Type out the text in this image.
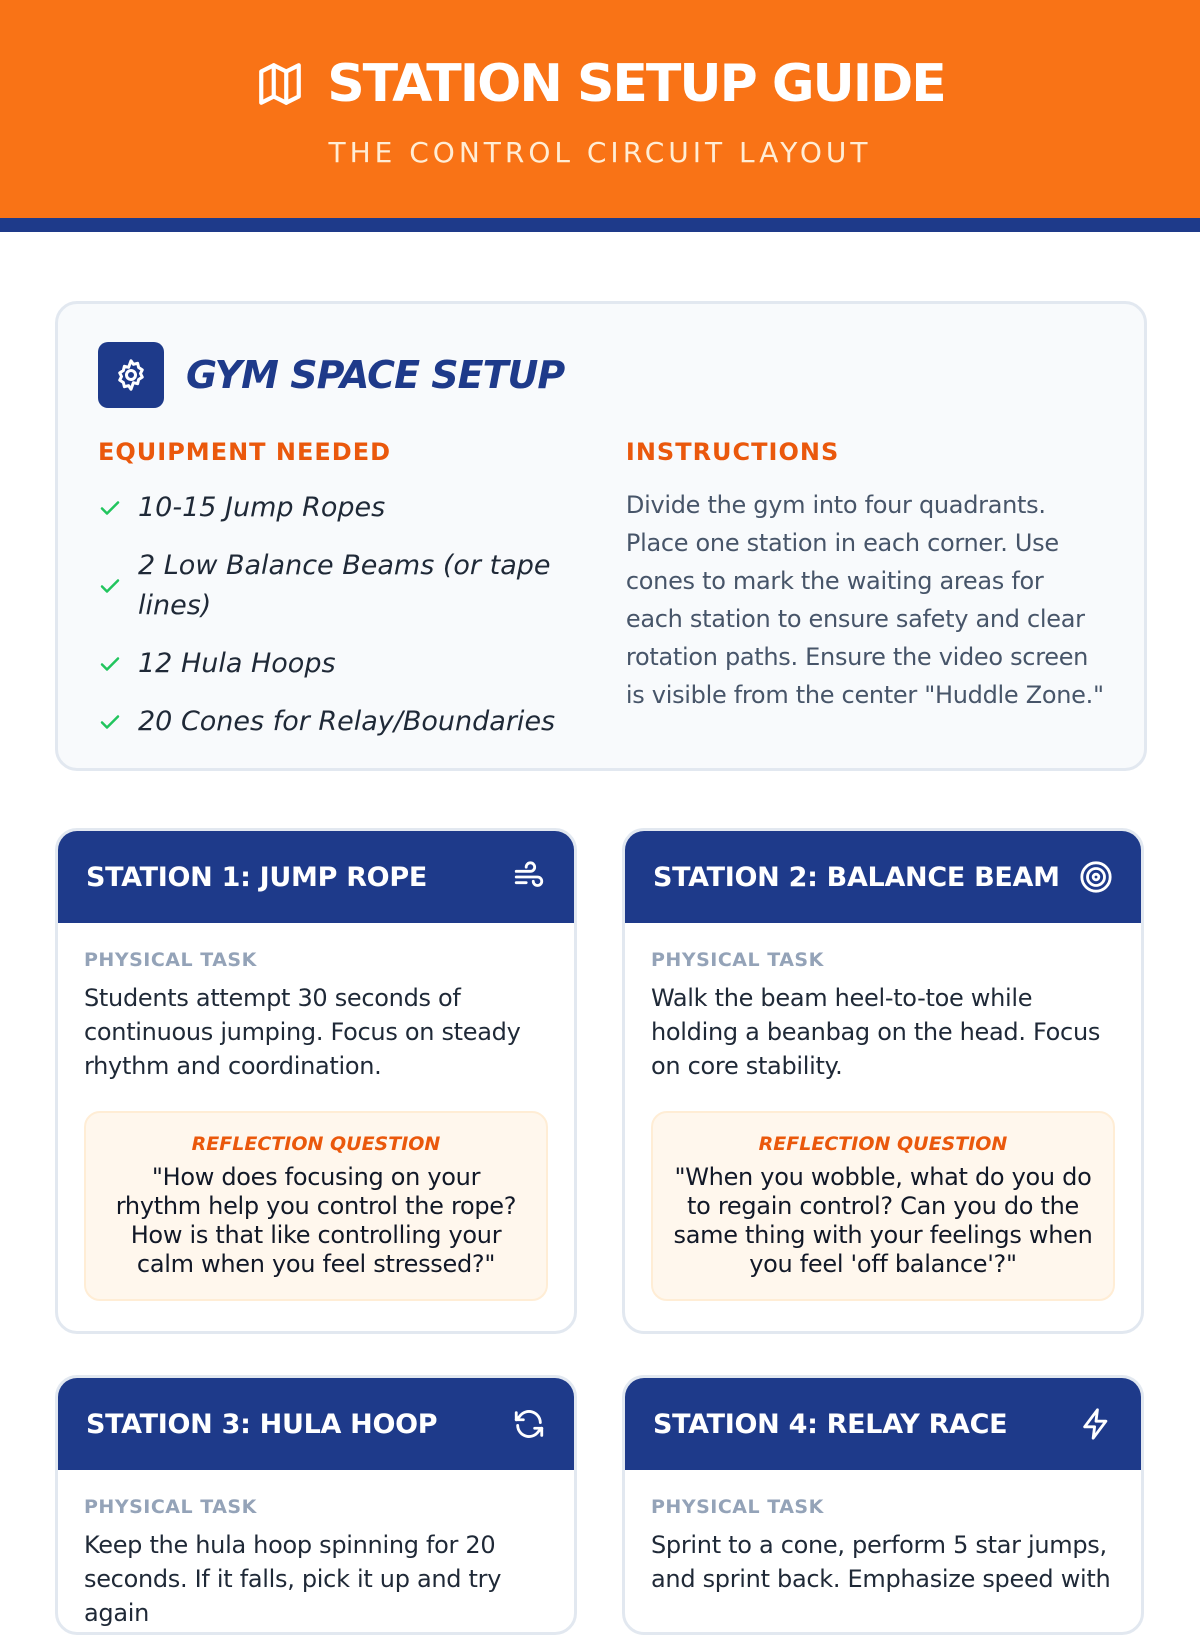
STATION SETUP GUIDE
THE CONTROL CIRCUIT LAYOUT
GYM SPACE SETUP
EQUIPMENT NEEDED
10-15 Jump Ropes
2 Low Balance Beams (or tape lines)
12 Hula Hoops
20 Cones for Relay/Boundaries
INSTRUCTIONS

Divide the gym into four quadrants. Place one station in each corner. Use cones to mark the waiting areas for each station to ensure safety and clear rotation paths. Ensure the video screen is visible from the center "Huddle Zone."

STATION 1: JUMP ROPE
PHYSICAL TASK

Students attempt 30 seconds of continuous jumping. Focus on steady rhythm and coordination.

REFLECTION QUESTION

"How does focusing on your rhythm help you control the rope? How is that like controlling your calm when you feel stressed?"

STATION 2: BALANCE BEAM
PHYSICAL TASK

Walk the beam heel-to-toe while holding a beanbag on the head. Focus on core stability.

REFLECTION QUESTION

"When you wobble, what do you do to regain control? Can you do the same thing with your feelings when you feel 'off balance'?"

STATION 3: HULA HOOP
PHYSICAL TASK

Keep the hula hoop spinning for 20 seconds. If it falls, pick it up and try again

STATION 4: RELAY RACE
PHYSICAL TASK

Sprint to a cone, perform 5 star jumps, and sprint back. Emphasize speed with
